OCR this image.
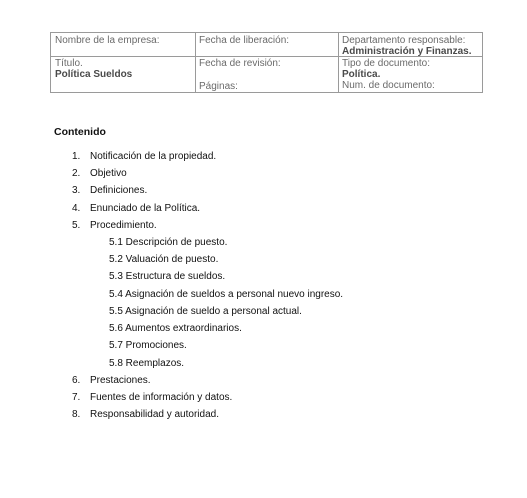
Nombre de la empresa:	Fecha de liberación:	Departamento responsable:
Administración y Finanzas.
Título.
Política Sueldos
Fecha de revisión:
Páginas:
Tipo de documento:
Política.
Num. de documento:
Contenido
1. Notificación de la propiedad.
2. Objetivo
3. Definiciones.
4. Enunciado de la Política.
5. Procedimiento.
5.1 Descripción de puesto.
5.2 Valuación de puesto.
5.3 Estructura de sueldos.
5.4 Asignación de sueldos a personal nuevo ingreso.
5.5 Asignación de sueldo a personal actual.
5.6 Aumentos extraordinarios.
5.7 Promociones.
5.8 Reemplazos.
6. Prestaciones.
7. Fuentes de información y datos.
8. Responsabilidad y autoridad.
